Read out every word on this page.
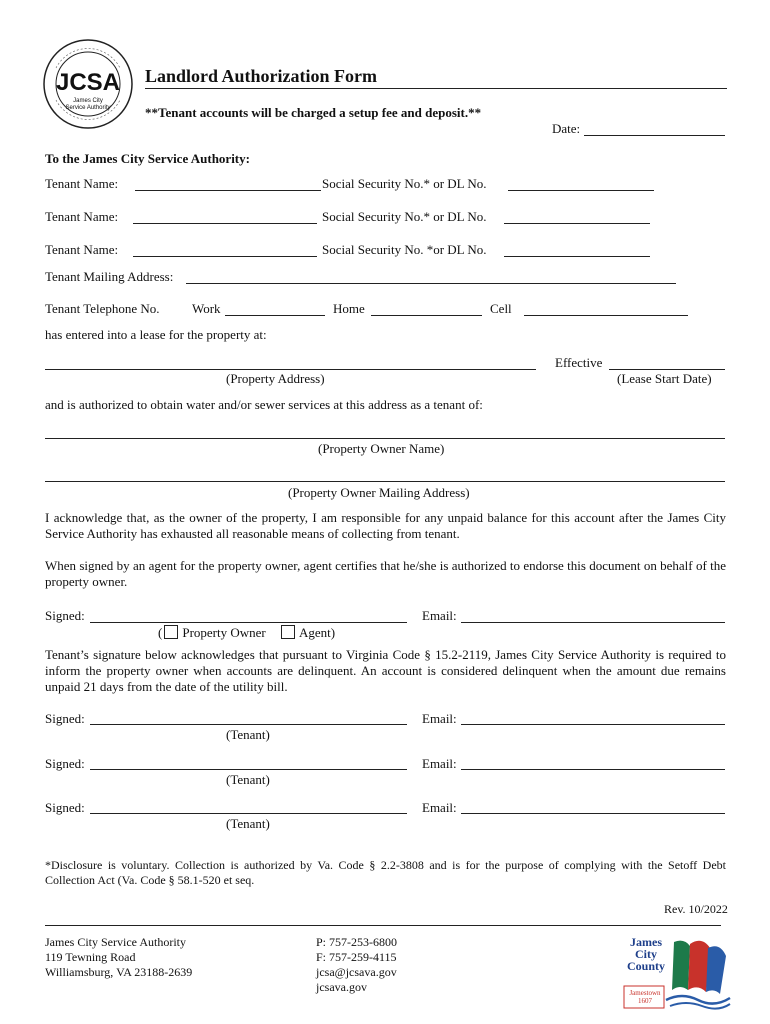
JCSA
James City
Service Authority
Landlord Authorization Form
**Tenant accounts will be charged a setup fee and deposit.**
Date:
To the James City Service Authority:
Tenant Name:	Social Security No.* or DL No.
Tenant Name:	Social Security No.* or DL No.
Tenant Name:	Social Security No. *or DL No.
Tenant Mailing Address:
Tenant Telephone No. Work	Home	Cell
has entered into a lease for the property at:
Effective
(Property Address)	(Lease Start Date)
and is authorized to obtain water and/or sewer services at this address as a tenant of:
(Property Owner Name)
(Property Owner Mailing Address)
I acknowledge that, as the owner of the property, I am responsible for any unpaid balance for this account after the James City Service Authority has exhausted all reasonable means of collecting from tenant.
When signed by an agent for the property owner, agent certifies that he/she is authorized to endorse this document on behalf of the property owner.
Signed:	Email:
( Property Owner	Agent)
Tenant’s signature below acknowledges that pursuant to Virginia Code § 15.2-2119, James City Service Authority is required to inform the property owner when accounts are delinquent. An account is considered delinquent when the amount due remains unpaid 21 days from the date of the utility bill.
Signed:	Email:
(Tenant)
Signed:	Email:
(Tenant)
Signed:	Email:
(Tenant)
*Disclosure is voluntary. Collection is authorized by Va. Code § 2.2-3808 and is for the purpose of complying with the Setoff Debt Collection Act (Va. Code § 58.1-520 et seq.
Rev. 10/2022
James City Service Authority
119 Tewning Road
Williamsburg, VA 23188-2639
P: 757-253-6800
F: 757-259-4115
jcsa@jcsava.gov
jcsava.gov
James
City
County
Jamestown 1607
